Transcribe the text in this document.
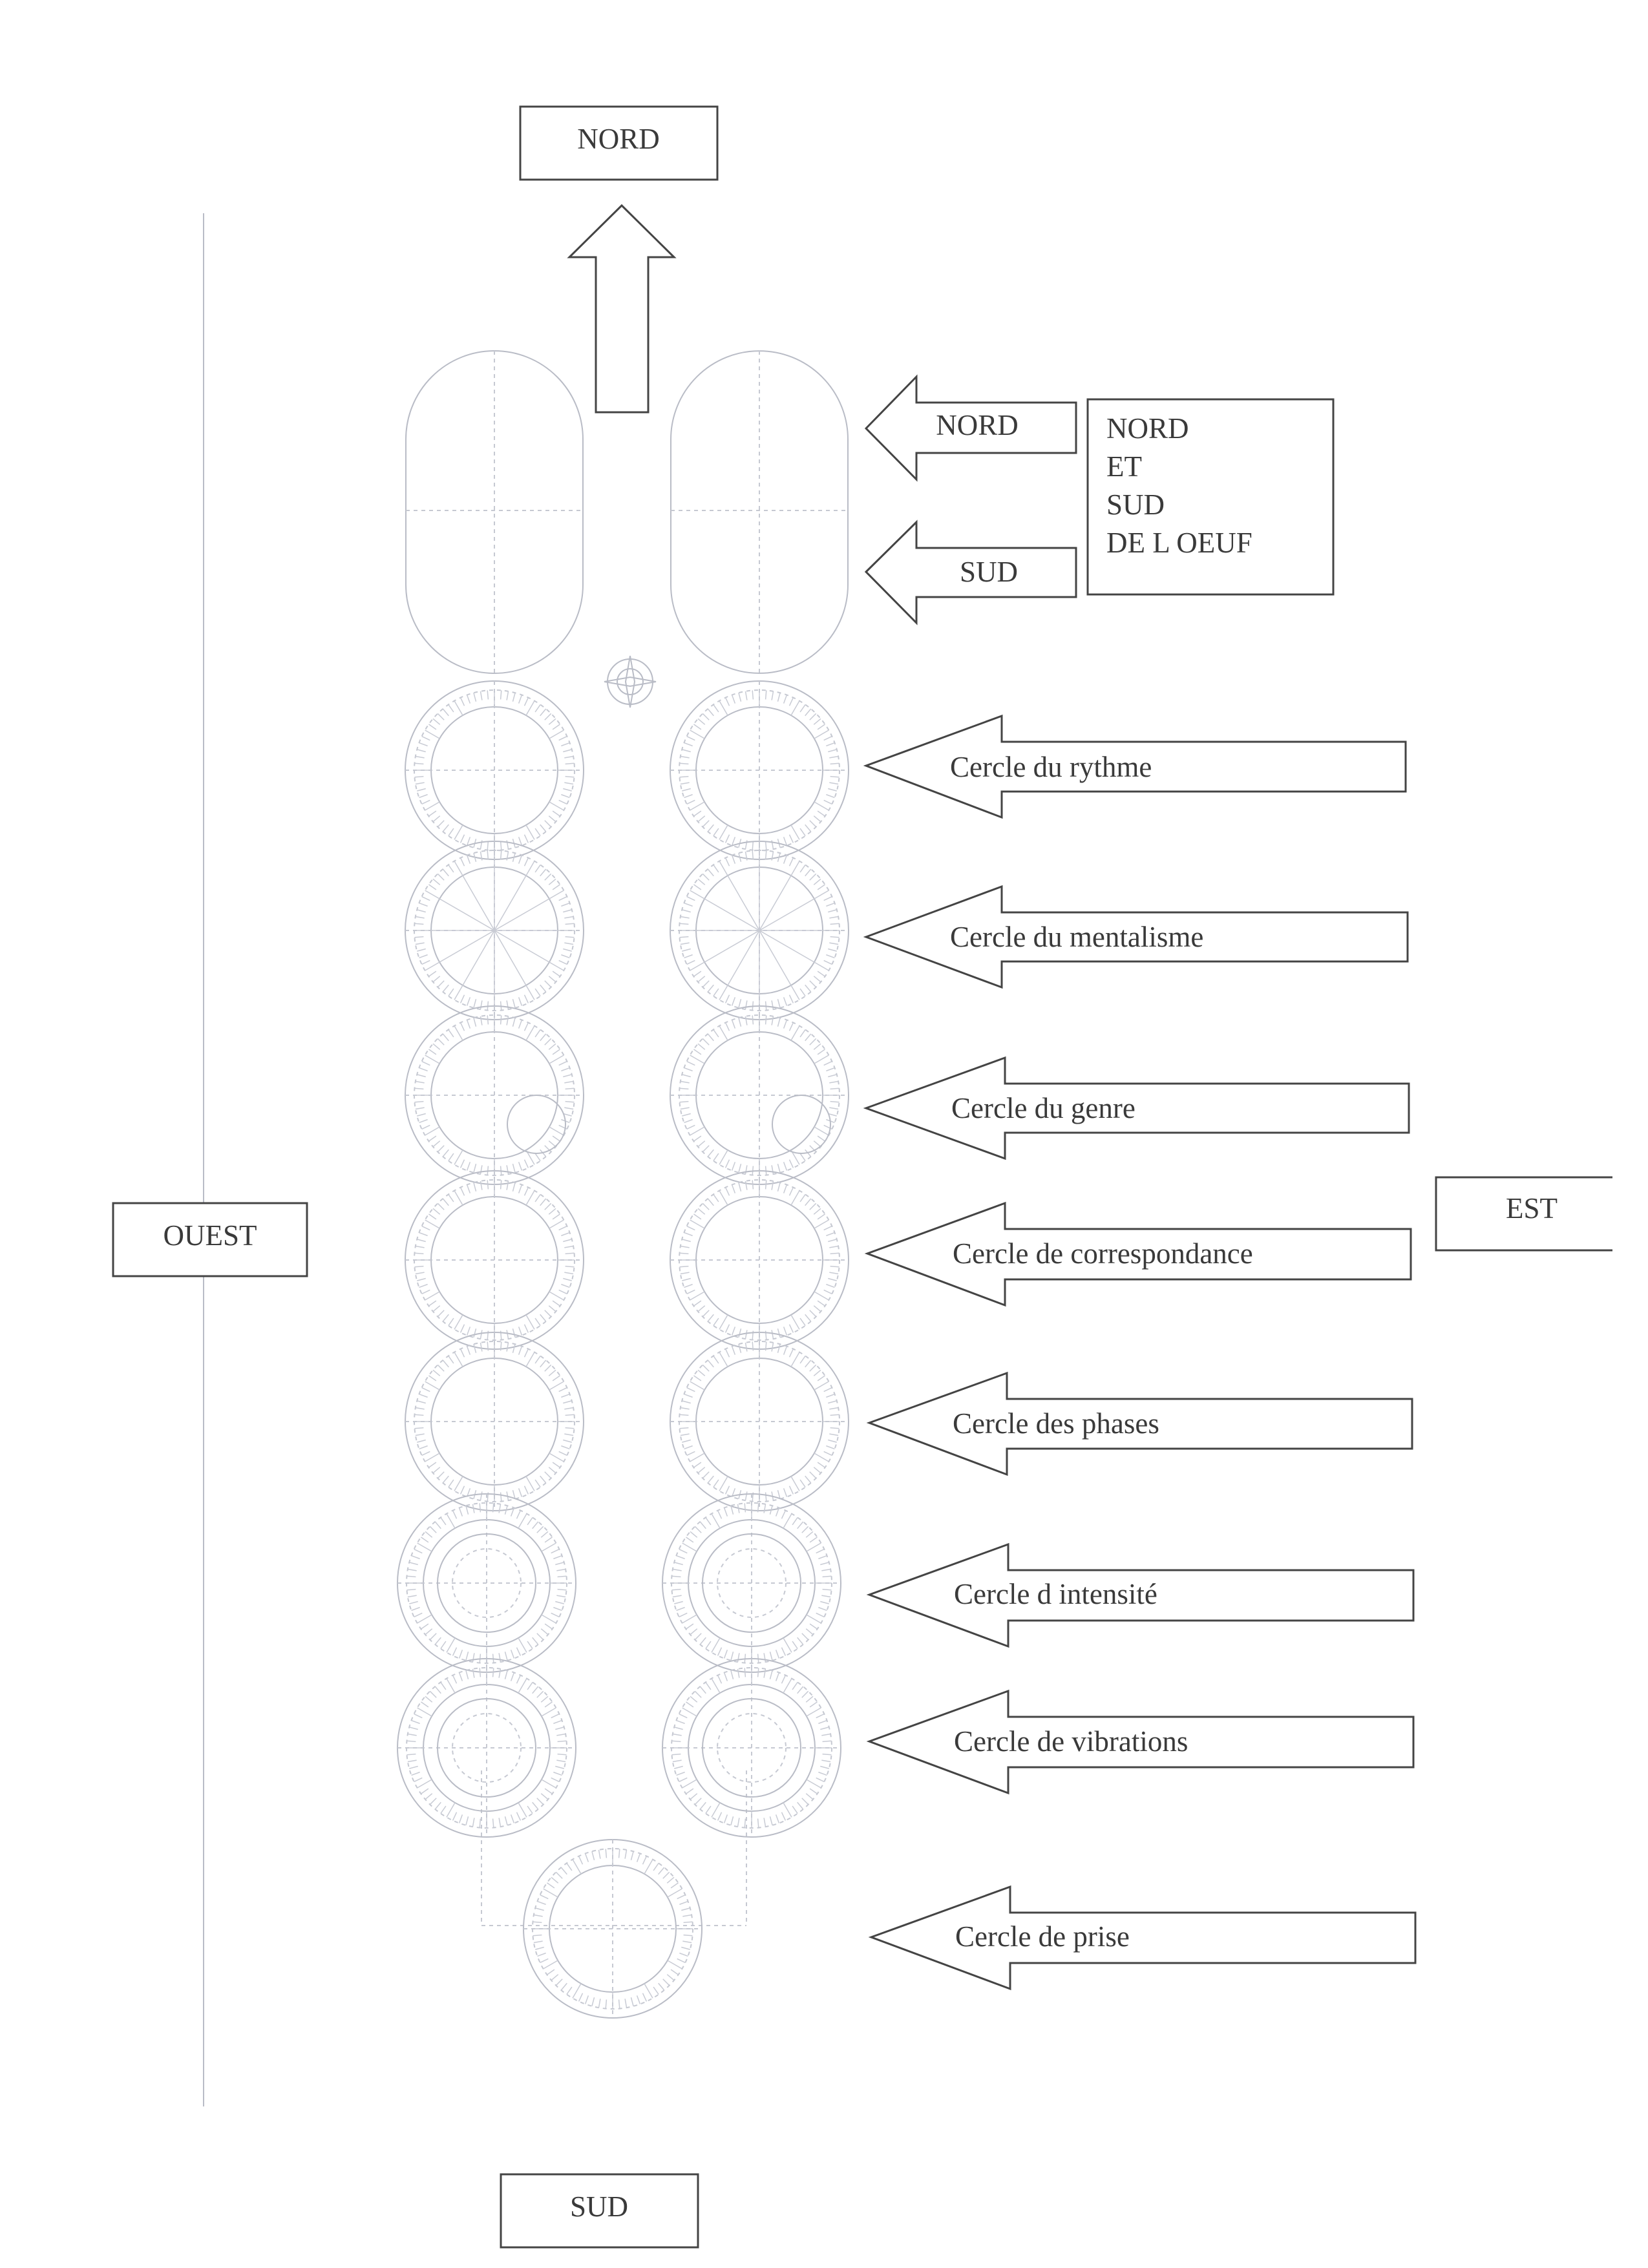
NORD
NORD
SUD
NORD
ET
SUD
DE L OEUF
Cercle du rythme
Cercle du mentalisme
Cercle du genre
Cercle de correspondance
Cercle des phases
Cercle d intensité
Cercle de vibrations
Cercle de prise
OUEST
EST
SUD
